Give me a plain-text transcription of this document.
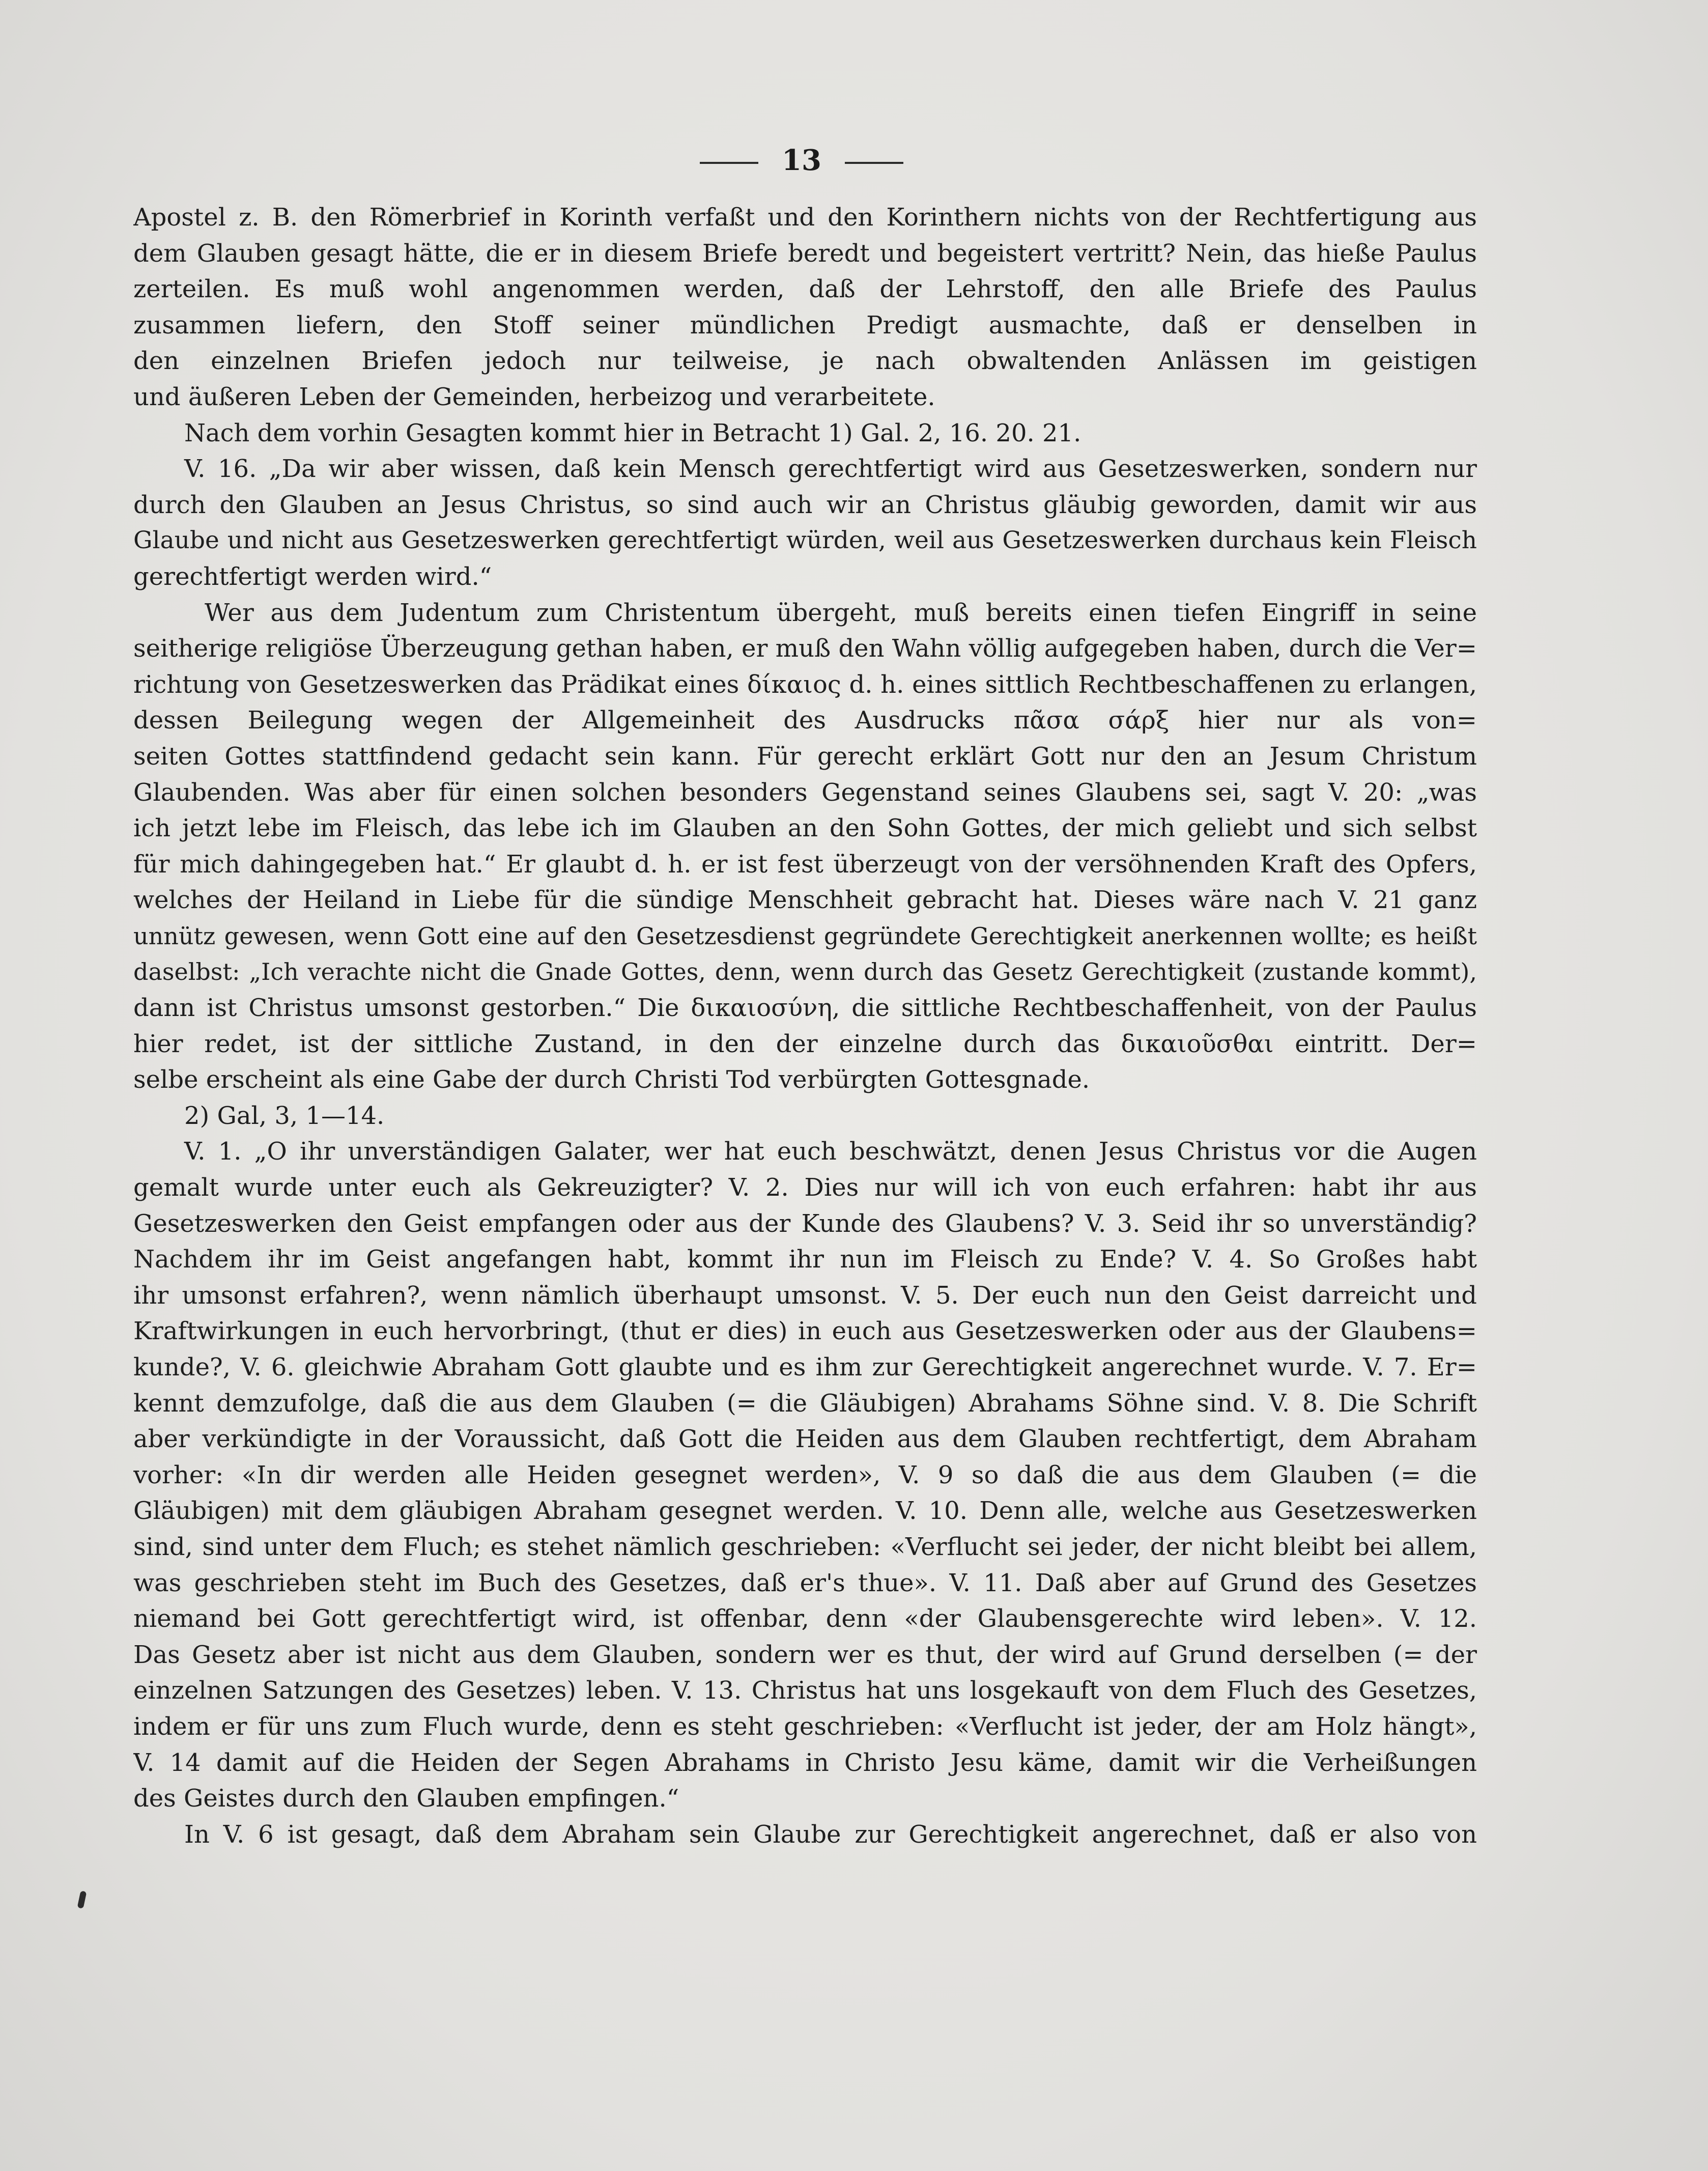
13
Apostel z. B. den Römerbrief in Korinth verfaßt und den Korinthern nichts von der Rechtfertigung aus
dem Glauben gesagt hätte, die er in diesem Briefe beredt und begeistert vertritt? Nein, das hieße Paulus
zerteilen. Es muß wohl angenommen werden, daß der Lehrstoff, den alle Briefe des Paulus
zusammen liefern, den Stoff seiner mündlichen Predigt ausmachte, daß er denselben in
den einzelnen Briefen jedoch nur teilweise, je nach obwaltenden Anlässen im geistigen
und äußeren Leben der Gemeinden, herbeizog und verarbeitete.
Nach dem vorhin Gesagten kommt hier in Betracht 1) Gal. 2, 16. 20. 21.
V. 16. „Da wir aber wissen, daß kein Mensch gerechtfertigt wird aus Gesetzeswerken, sondern nur
durch den Glauben an Jesus Christus, so sind auch wir an Christus gläubig geworden, damit wir aus
Glaube und nicht aus Gesetzeswerken gerechtfertigt würden, weil aus Gesetzeswerken durchaus kein Fleisch
gerechtfertigt werden wird.“
Wer aus dem Judentum zum Christentum übergeht, muß bereits einen tiefen Eingriff in seine
seitherige religiöse Überzeugung gethan haben, er muß den Wahn völlig aufgegeben haben, durch die Ver=
richtung von Gesetzeswerken das Prädikat eines δίκαιος d. h. eines sittlich Rechtbeschaffenen zu erlangen,
dessen Beilegung wegen der Allgemeinheit des Ausdrucks πᾶσα σάρξ hier nur als von=
seiten Gottes stattfindend gedacht sein kann. Für gerecht erklärt Gott nur den an Jesum Christum
Glaubenden. Was aber für einen solchen besonders Gegenstand seines Glaubens sei, sagt V. 20: „was
ich jetzt lebe im Fleisch, das lebe ich im Glauben an den Sohn Gottes, der mich geliebt und sich selbst
für mich dahingegeben hat.“ Er glaubt d. h. er ist fest überzeugt von der versöhnenden Kraft des Opfers,
welches der Heiland in Liebe für die sündige Menschheit gebracht hat. Dieses wäre nach V. 21 ganz
unnütz gewesen, wenn Gott eine auf den Gesetzesdienst gegründete Gerechtigkeit anerkennen wollte; es heißt
daselbst: „Ich verachte nicht die Gnade Gottes, denn, wenn durch das Gesetz Gerechtigkeit (zustande kommt),
dann ist Christus umsonst gestorben.“ Die δικαιοσύνη, die sittliche Rechtbeschaffenheit, von der Paulus
hier redet, ist der sittliche Zustand, in den der einzelne durch das δικαιοῦσθαι eintritt. Der=
selbe erscheint als eine Gabe der durch Christi Tod verbürgten Gottesgnade.
2) Gal, 3, 1—14.
V. 1. „O ihr unverständigen Galater, wer hat euch beschwätzt, denen Jesus Christus vor die Augen
gemalt wurde unter euch als Gekreuzigter? V. 2. Dies nur will ich von euch erfahren: habt ihr aus
Gesetzeswerken den Geist empfangen oder aus der Kunde des Glaubens? V. 3. Seid ihr so unverständig?
Nachdem ihr im Geist angefangen habt, kommt ihr nun im Fleisch zu Ende? V. 4. So Großes habt
ihr umsonst erfahren?, wenn nämlich überhaupt umsonst. V. 5. Der euch nun den Geist darreicht und
Kraftwirkungen in euch hervorbringt, (thut er dies) in euch aus Gesetzeswerken oder aus der Glaubens=
kunde?, V. 6. gleichwie Abraham Gott glaubte und es ihm zur Gerechtigkeit angerechnet wurde. V. 7. Er=
kennt demzufolge, daß die aus dem Glauben (= die Gläubigen) Abrahams Söhne sind. V. 8. Die Schrift
aber verkündigte in der Voraussicht, daß Gott die Heiden aus dem Glauben rechtfertigt, dem Abraham
vorher: «In dir werden alle Heiden gesegnet werden», V. 9 so daß die aus dem Glauben (= die
Gläubigen) mit dem gläubigen Abraham gesegnet werden. V. 10. Denn alle, welche aus Gesetzeswerken
sind, sind unter dem Fluch; es stehet nämlich geschrieben: «Verflucht sei jeder, der nicht bleibt bei allem,
was geschrieben steht im Buch des Gesetzes, daß er's thue». V. 11. Daß aber auf Grund des Gesetzes
niemand bei Gott gerechtfertigt wird, ist offenbar, denn «der Glaubensgerechte wird leben». V. 12.
Das Gesetz aber ist nicht aus dem Glauben, sondern wer es thut, der wird auf Grund derselben (= der
einzelnen Satzungen des Gesetzes) leben. V. 13. Christus hat uns losgekauft von dem Fluch des Gesetzes,
indem er für uns zum Fluch wurde, denn es steht geschrieben: «Verflucht ist jeder, der am Holz hängt»,
V. 14 damit auf die Heiden der Segen Abrahams in Christo Jesu käme, damit wir die Verheißungen
des Geistes durch den Glauben empfingen.“
In V. 6 ist gesagt, daß dem Abraham sein Glaube zur Gerechtigkeit angerechnet, daß er also von
